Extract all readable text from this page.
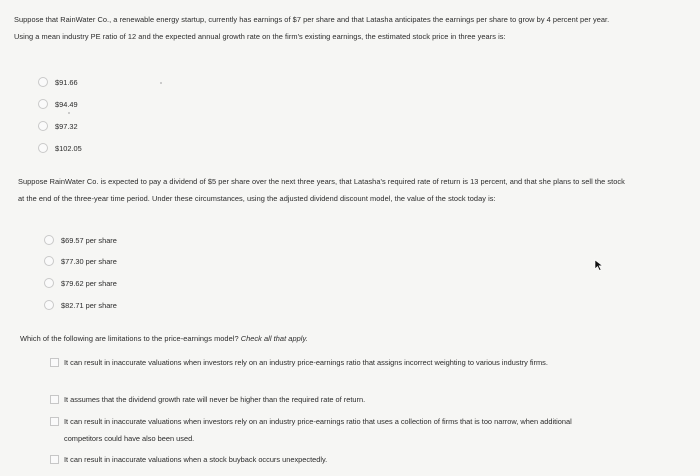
Suppose that RainWater Co., a renewable energy startup, currently has earnings of $7 per share and that Latasha anticipates the earnings per share to grow by 4 percent per year. Using a mean industry PE ratio of 12 and the expected annual growth rate on the firm's existing earnings, the estimated stock price in three years is:
$91.66
$94.49
$97.32
$102.05
Suppose RainWater Co. is expected to pay a dividend of $5 per share over the next three years, that Latasha's required rate of return is 13 percent, and that she plans to sell the stock at the end of the three-year time period. Under these circumstances, using the adjusted dividend discount model, the value of the stock today is:
$69.57 per share
$77.30 per share
$79.62 per share
$82.71 per share
Which of the following are limitations to the price-earnings model? Check all that apply.
It can result in inaccurate valuations when investors rely on an industry price-earnings ratio that assigns incorrect weighting to various industry firms.
It assumes that the dividend growth rate will never be higher than the required rate of return.
It can result in inaccurate valuations when investors rely on an industry price-earnings ratio that uses a collection of firms that is too narrow, when additional competitors could have also been used.
It can result in inaccurate valuations when a stock buyback occurs unexpectedly.
